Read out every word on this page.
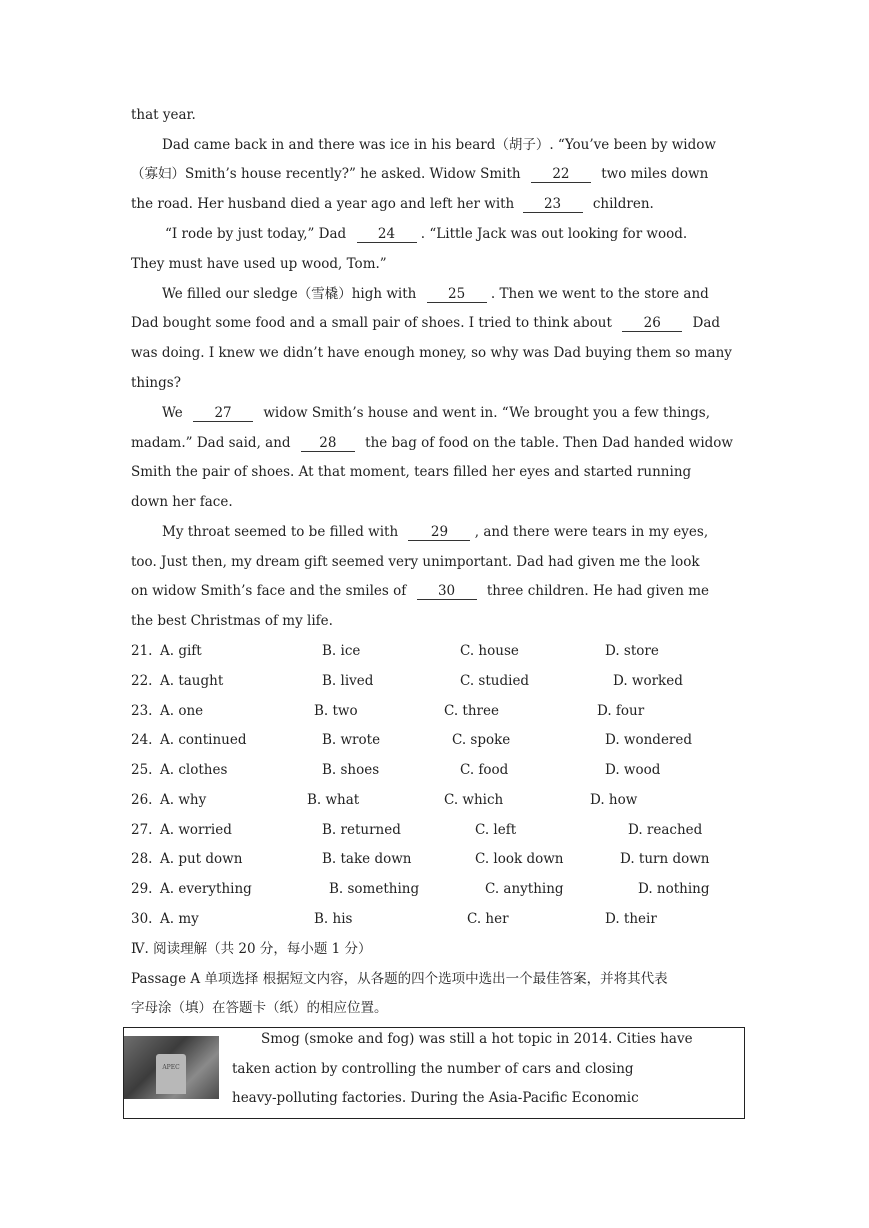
that year.
Dad came back in and there was ice in his beard（胡子）. “You’ve been by widow
（寡妇）Smith’s house recently?” he asked. Widow Smith 22 two miles down
the road. Her husband died a year ago and left her with 23 children.
“I rode by just today,” Dad 24 . “Little Jack was out looking for wood.
They must have used up wood, Tom.”
We filled our sledge（雪橇）high with 25 . Then we went to the store and
Dad bought some food and a small pair of shoes. I tried to think about 26 Dad
was doing. I knew we didn’t have enough money, so why was Dad buying them so many
things?
We 27 widow Smith’s house and went in. “We brought you a few things,
madam.” Dad said, and 28 the bag of food on the table. Then Dad handed widow
Smith the pair of shoes. At that moment, tears filled her eyes and started running
down her face.
My throat seemed to be filled with 29 , and there were tears in my eyes,
too. Just then, my dream gift seemed very unimportant. Dad had given me the look
on widow Smith’s face and the smiles of 30 three children. He had given me
the best Christmas of my life.
21. A. gift	B. ice	C. house	D. store
22. A. taught	B. lived	C. studied	D. worked
23. A. one	B. two	C. three	D. four
24. A. continued	B. wrote	C. spoke	D. wondered
25. A. clothes	B. shoes	C. food	D. wood
26. A. why	B. what	C. which	D. how
27. A. worried	B. returned	C. left	D. reached
28. A. put down	B. take down	C. look down	D. turn down
29. A. everything	B. something	C. anything	D. nothing
30. A. my	B. his	C. her	D. their
Ⅳ. 阅读理解（共 20 分，每小题 1 分）
Passage A 单项选择 根据短文内容，从各题的四个选项中选出一个最佳答案，并将其代表
字母涂（填）在答题卡（纸）的相应位置。
APEC
Smog (smoke and fog) was still a hot topic in 2014. Cities have
taken action by controlling the number of cars and closing
heavy-polluting factories. During the Asia-Pacific Economic
